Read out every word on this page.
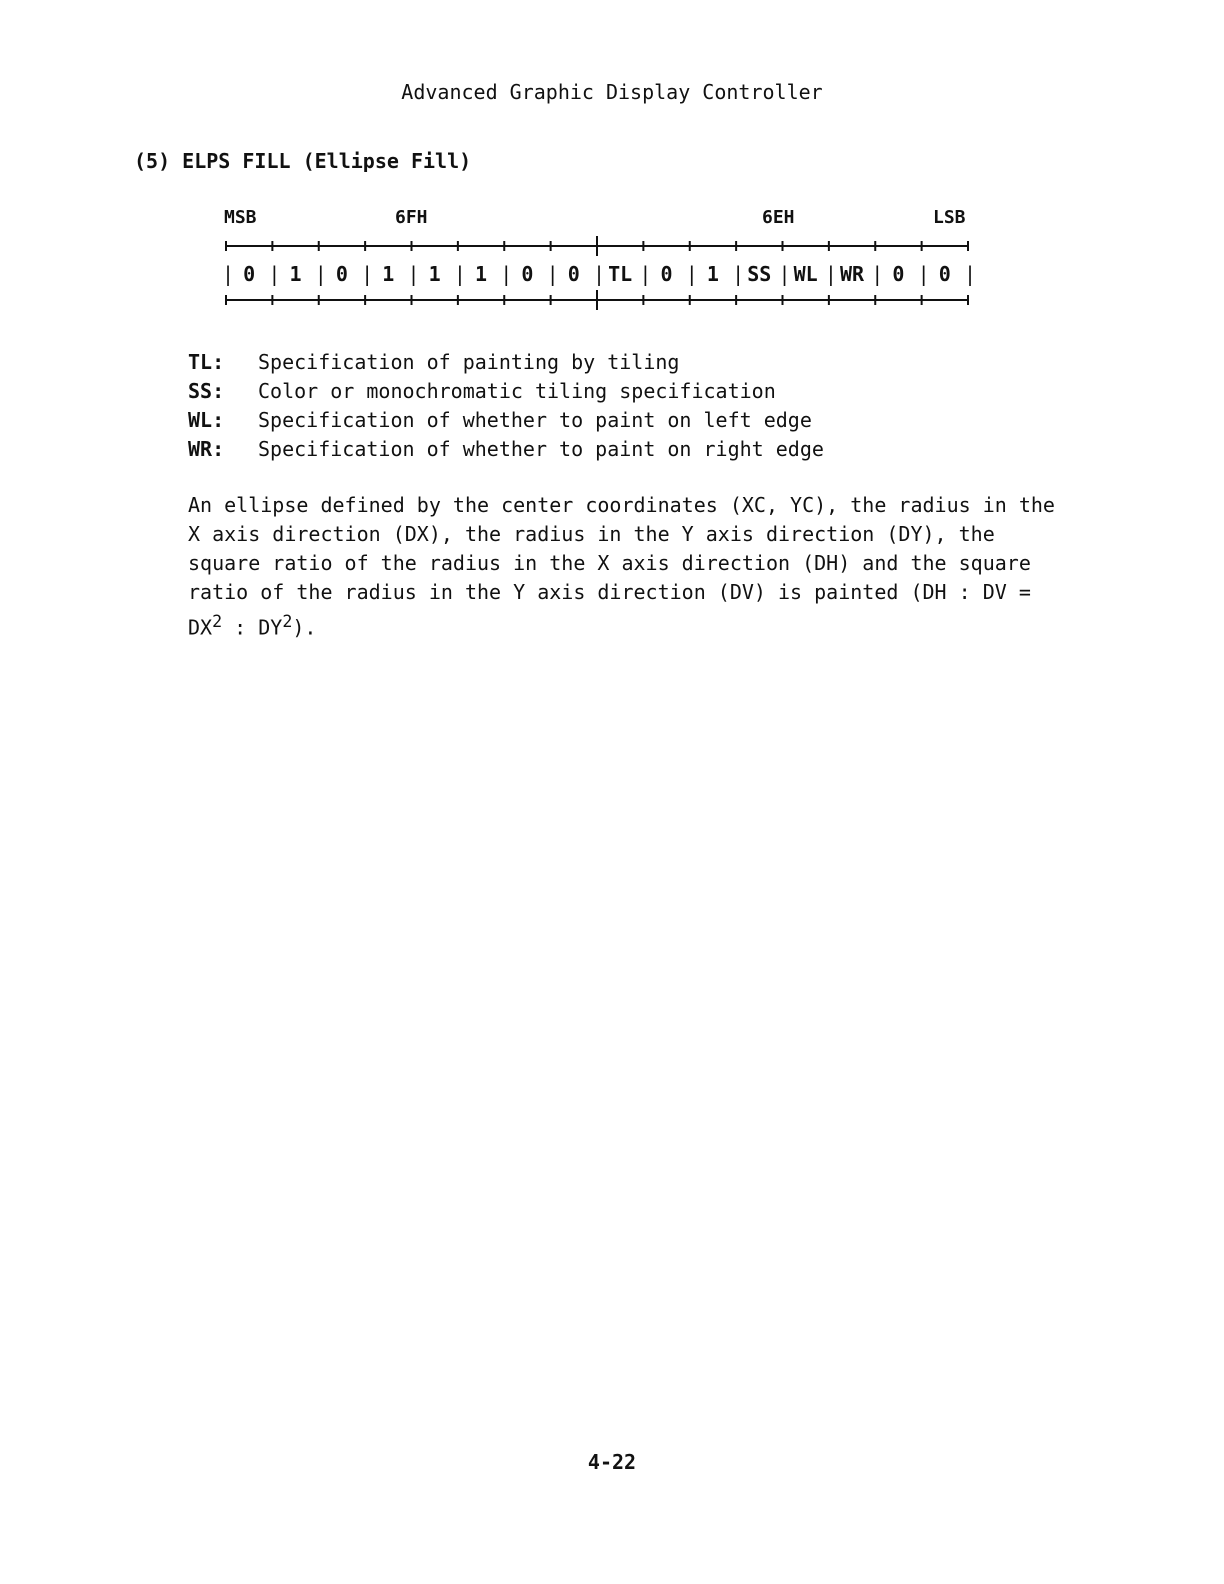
Advanced Graphic Display Controller
(5) ELPS FILL (Ellipse Fill)
MSB	6FH	6EH	LSB
| | | | | | | | | | | | | | | | |
0	1	0	1	1	1	0	0	TL	0	1	SS	WL	WR	0	0
TL:	Specification of painting by tiling
SS:	Color or monochromatic tiling specification
WL:	Specification of whether to paint on left edge
WR:	Specification of whether to paint on right edge
An ellipse defined by the center coordinates (XC, YC), the radius in the X axis direction (DX), the radius in the Y axis direction (DY), the square ratio of the radius in the X axis direction (DH) and the square ratio of the radius in the Y axis direction (DV) is painted (DH : DV = $DX^2$ : $DY^2$).
4-22
